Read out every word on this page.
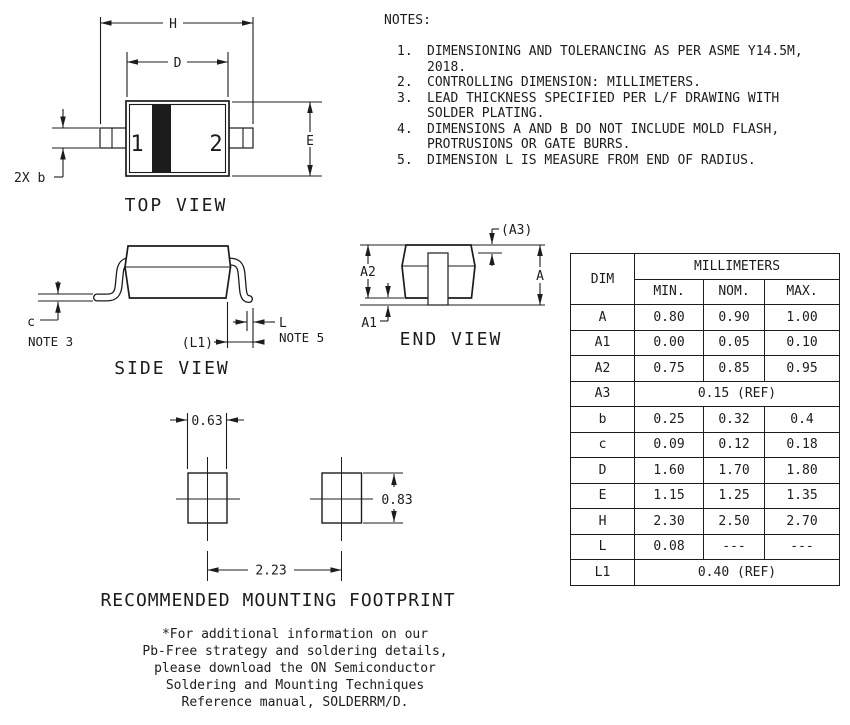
H
D
E
1	2
2X b
c
NOTE 3
L
NOTE 5
(L1)
(A3)
A2
A1
A
0.63
0.83
2.23
TOP VIEW
SIDE VIEW
END VIEW
RECOMMENDED MOUNTING FOOTPRINT
NOTES:
1.	DIMENSIONING AND TOLERANCING AS PER ASME Y14.5M, 2018.
2.	CONTROLLING DIMENSION: MILLIMETERS.
3.	LEAD THICKNESS SPECIFIED PER L/F DRAWING WITH SOLDER PLATING.
4.	DIMENSIONS A AND B DO NOT INCLUDE MOLD FLASH, PROTRUSIONS OR GATE BURRS.
5.	DIMENSION L IS MEASURE FROM END OF RADIUS.
DIM	MILLIMETERS		
	MIN.	NOM.	MAX.
A	0.80	0.90	1.00
A1	0.00	0.05	0.10
A2	0.75	0.85	0.95
A3	0.15 (REF)		
b	0.25	0.32	0.4
c	0.09	0.12	0.18
D	1.60	1.70	1.80
E	1.15	1.25	1.35
H	2.30	2.50	2.70
L	0.08	---	---
L1	0.40 (REF)		
*For additional information on our
Pb-Free strategy and soldering details,
please download the ON Semiconductor
Soldering and Mounting Techniques
Reference manual, SOLDERRM/D.
